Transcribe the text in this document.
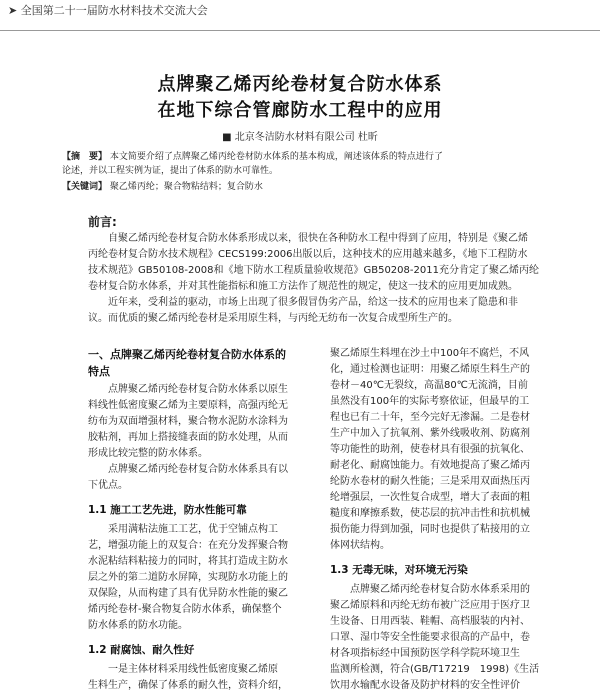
➤ 全国第二十一届防水材料技术交流大会
点牌聚乙烯丙纶卷材复合防水体系
在地下综合管廊防水工程中的应用
■ 北京冬洁防水材料有限公司 杜昕
【摘　要】 本文简要介绍了点牌聚乙烯丙纶卷材防水体系的基本构成，阐述该体系的特点进行了
论述，并以工程实例为证，提出了体系的防水可靠性。
【关键词】 聚乙烯丙纶；聚合物粘结料；复合防水
前言:
自聚乙烯丙纶卷材复合防水体系形成以来，很快在各种防水工程中得到了应用，特别是《聚乙烯
丙纶卷材复合防水技术规程》CECS199:2006出版以后，这种技术的应用越来越多，《地下工程防水
技术规范》GB50108-2008和《地下防水工程质量验收规范》GB50208-2011充分肯定了聚乙烯丙纶
卷材复合防水体系，并对其性能指标和施工方法作了规范性的规定，使这一技术的应用更加成熟。
近年来，受利益的驱动，市场上出现了很多假冒伪劣产品，给这一技术的应用也来了隐患和非
议。而优质的聚乙烯丙纶卷材是采用原生料，与丙纶无纺布一次复合成型所生产的。
一、点牌聚乙烯丙纶卷材复合防水体系的
特点
点牌聚乙烯丙纶卷材复合防水体系以原生
料线性低密度聚乙烯为主要原料，高强丙纶无
纺布为双面增强材料，聚合物水泥防水涂料为
胶粘剂，再加上搭接缝表面的防水处理，从而
形成比较完整的防水体系。
点牌聚乙烯丙纶卷材复合防水体系具有以
下优点。
1.1 施工工艺先进，防水性能可靠
采用满粘法施工工艺，优于空铺点构工
艺，增强功能上的双复合：在充分发挥聚合物
水泥粘结料粘接力的同时，将其打造成主防水
层之外的第二道防水屏障，实现防水功能上的
双保险，从而构建了具有优异防水性能的聚乙
烯丙纶卷材-聚合物复合防水体系，确保整个
防水体系的防水功能。
1.2 耐腐蚀、耐久性好
一是主体材料采用线性低密度聚乙烯原
生料生产，确保了体系的耐久性，资料介绍，
聚乙烯原生料埋在沙土中100年不腐烂，不风
化，通过检测也证明：用聚乙烯原生料生产的
卷材－40℃无裂纹，高温80℃无流淌，目前
虽然没有100年的实际考察依证，但最早的工
程也已有二十年，至今完好无渗漏。二是卷材
生产中加入了抗氧剂、紫外线吸收剂、防腐剂
等功能性的助剂，使卷材具有很强的抗氧化、
耐老化、耐腐蚀能力。有效地提高了聚乙烯丙
纶防水卷材的耐久性能；三是采用双面热压丙
纶增强层，一次性复合成型，增大了表面的粗
糙度和摩擦系数，使芯层的抗冲击性和抗机械
损伤能力得到加强，同时也提供了粘接用的立
体网状结构。
1.3 无毒无味，对环境无污染
点牌聚乙烯丙纶卷材复合防水体系采用的
聚乙烯原料和丙纶无纺布被广泛应用于医疗卫
生设备、日用西装、鞋帽、高档服装的内衬、
口罩、湿巾等安全性能要求很高的产品中，卷
材各项指标经中国预防医学科学院环境卫生
监测所检测，符合(GB/T17219　1998)《生活
饮用水输配水设备及防护材料的安全性评价
